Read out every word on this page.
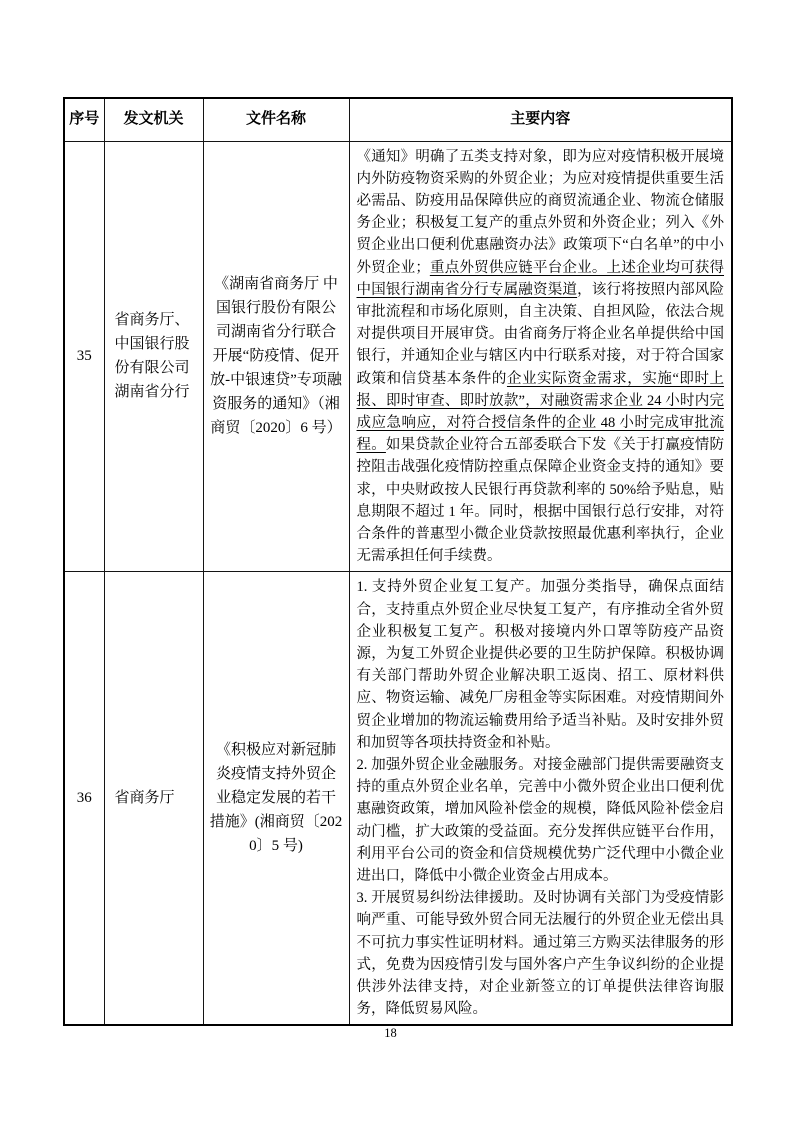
序号	发文机关	文件名称	主要内容
35	省商务厅、中国银行股份有限公司湖南省分行	《湖南省商务厅 中国银行股份有限公司湖南省分行联合开展“防疫情、促开放-中银速贷”专项融资服务的通知》（湘商贸〔2020〕6 号）	《通知》明确了五类支持对象，即为应对疫情积极开展境内外防疫物资采购的外贸企业；为应对疫情提供重要生活必需品、防疫用品保障供应的商贸流通企业、物流仓储服务企业；积极复工复产的重点外贸和外资企业；列入《外贸企业出口便利优惠融资办法》政策项下“白名单”的中小外贸企业；重点外贸供应链平台企业。上述企业均可获得中国银行湖南省分行专属融资渠道，该行将按照内部风险审批流程和市场化原则，自主决策、自担风险，依法合规对提供项目开展审贷。由省商务厅将企业名单提供给中国银行，并通知企业与辖区内中行联系对接，对于符合国家政策和信贷基本条件的企业实际资金需求，实施“即时上报、即时审查、即时放款”，对融资需求企业 24 小时内完成应急响应，对符合授信条件的企业 48 小时完成审批流程。如果贷款企业符合五部委联合下发《关于打赢疫情防控阻击战强化疫情防控重点保障企业资金支持的通知》要求，中央财政按人民银行再贷款利率的 50%给予贴息，贴息期限不超过 1 年。同时，根据中国银行总行安排，对符合条件的普惠型小微企业贷款按照最优惠利率执行，企业无需承担任何手续费。

36	省商务厅	《积极应对新冠肺炎疫情支持外贸企业稳定发展的若干措施》(湘商贸〔2020〕5 号)	1. 支持外贸企业复工复产。加强分类指导，确保点面结合，支持重点外贸企业尽快复工复产，有序推动全省外贸企业积极复工复产。积极对接境内外口罩等防疫产品资源，为复工外贸企业提供必要的卫生防护保障。积极协调有关部门帮助外贸企业解决职工返岗、招工、原材料供应、物资运输、减免厂房租金等实际困难。对疫情期间外贸企业增加的物流运输费用给予适当补贴。及时安排外贸和加贸等各项扶持资金和补贴。
2. 加强外贸企业金融服务。对接金融部门提供需要融资支持的重点外贸企业名单，完善中小微外贸企业出口便利优惠融资政策，增加风险补偿金的规模，降低风险补偿金启动门槛，扩大政策的受益面。充分发挥供应链平台作用，利用平台公司的资金和信贷规模优势广泛代理中小微企业进出口，降低中小微企业资金占用成本。
3. 开展贸易纠纷法律援助。及时协调有关部门为受疫情影响严重、可能导致外贸合同无法履行的外贸企业无偿出具不可抗力事实性证明材料。通过第三方购买法律服务的形式，免费为因疫情引发与国外客户产生争议纠纷的企业提供涉外法律支持，对企业新签立的订单提供法律咨询服务，降低贸易风险。
18
